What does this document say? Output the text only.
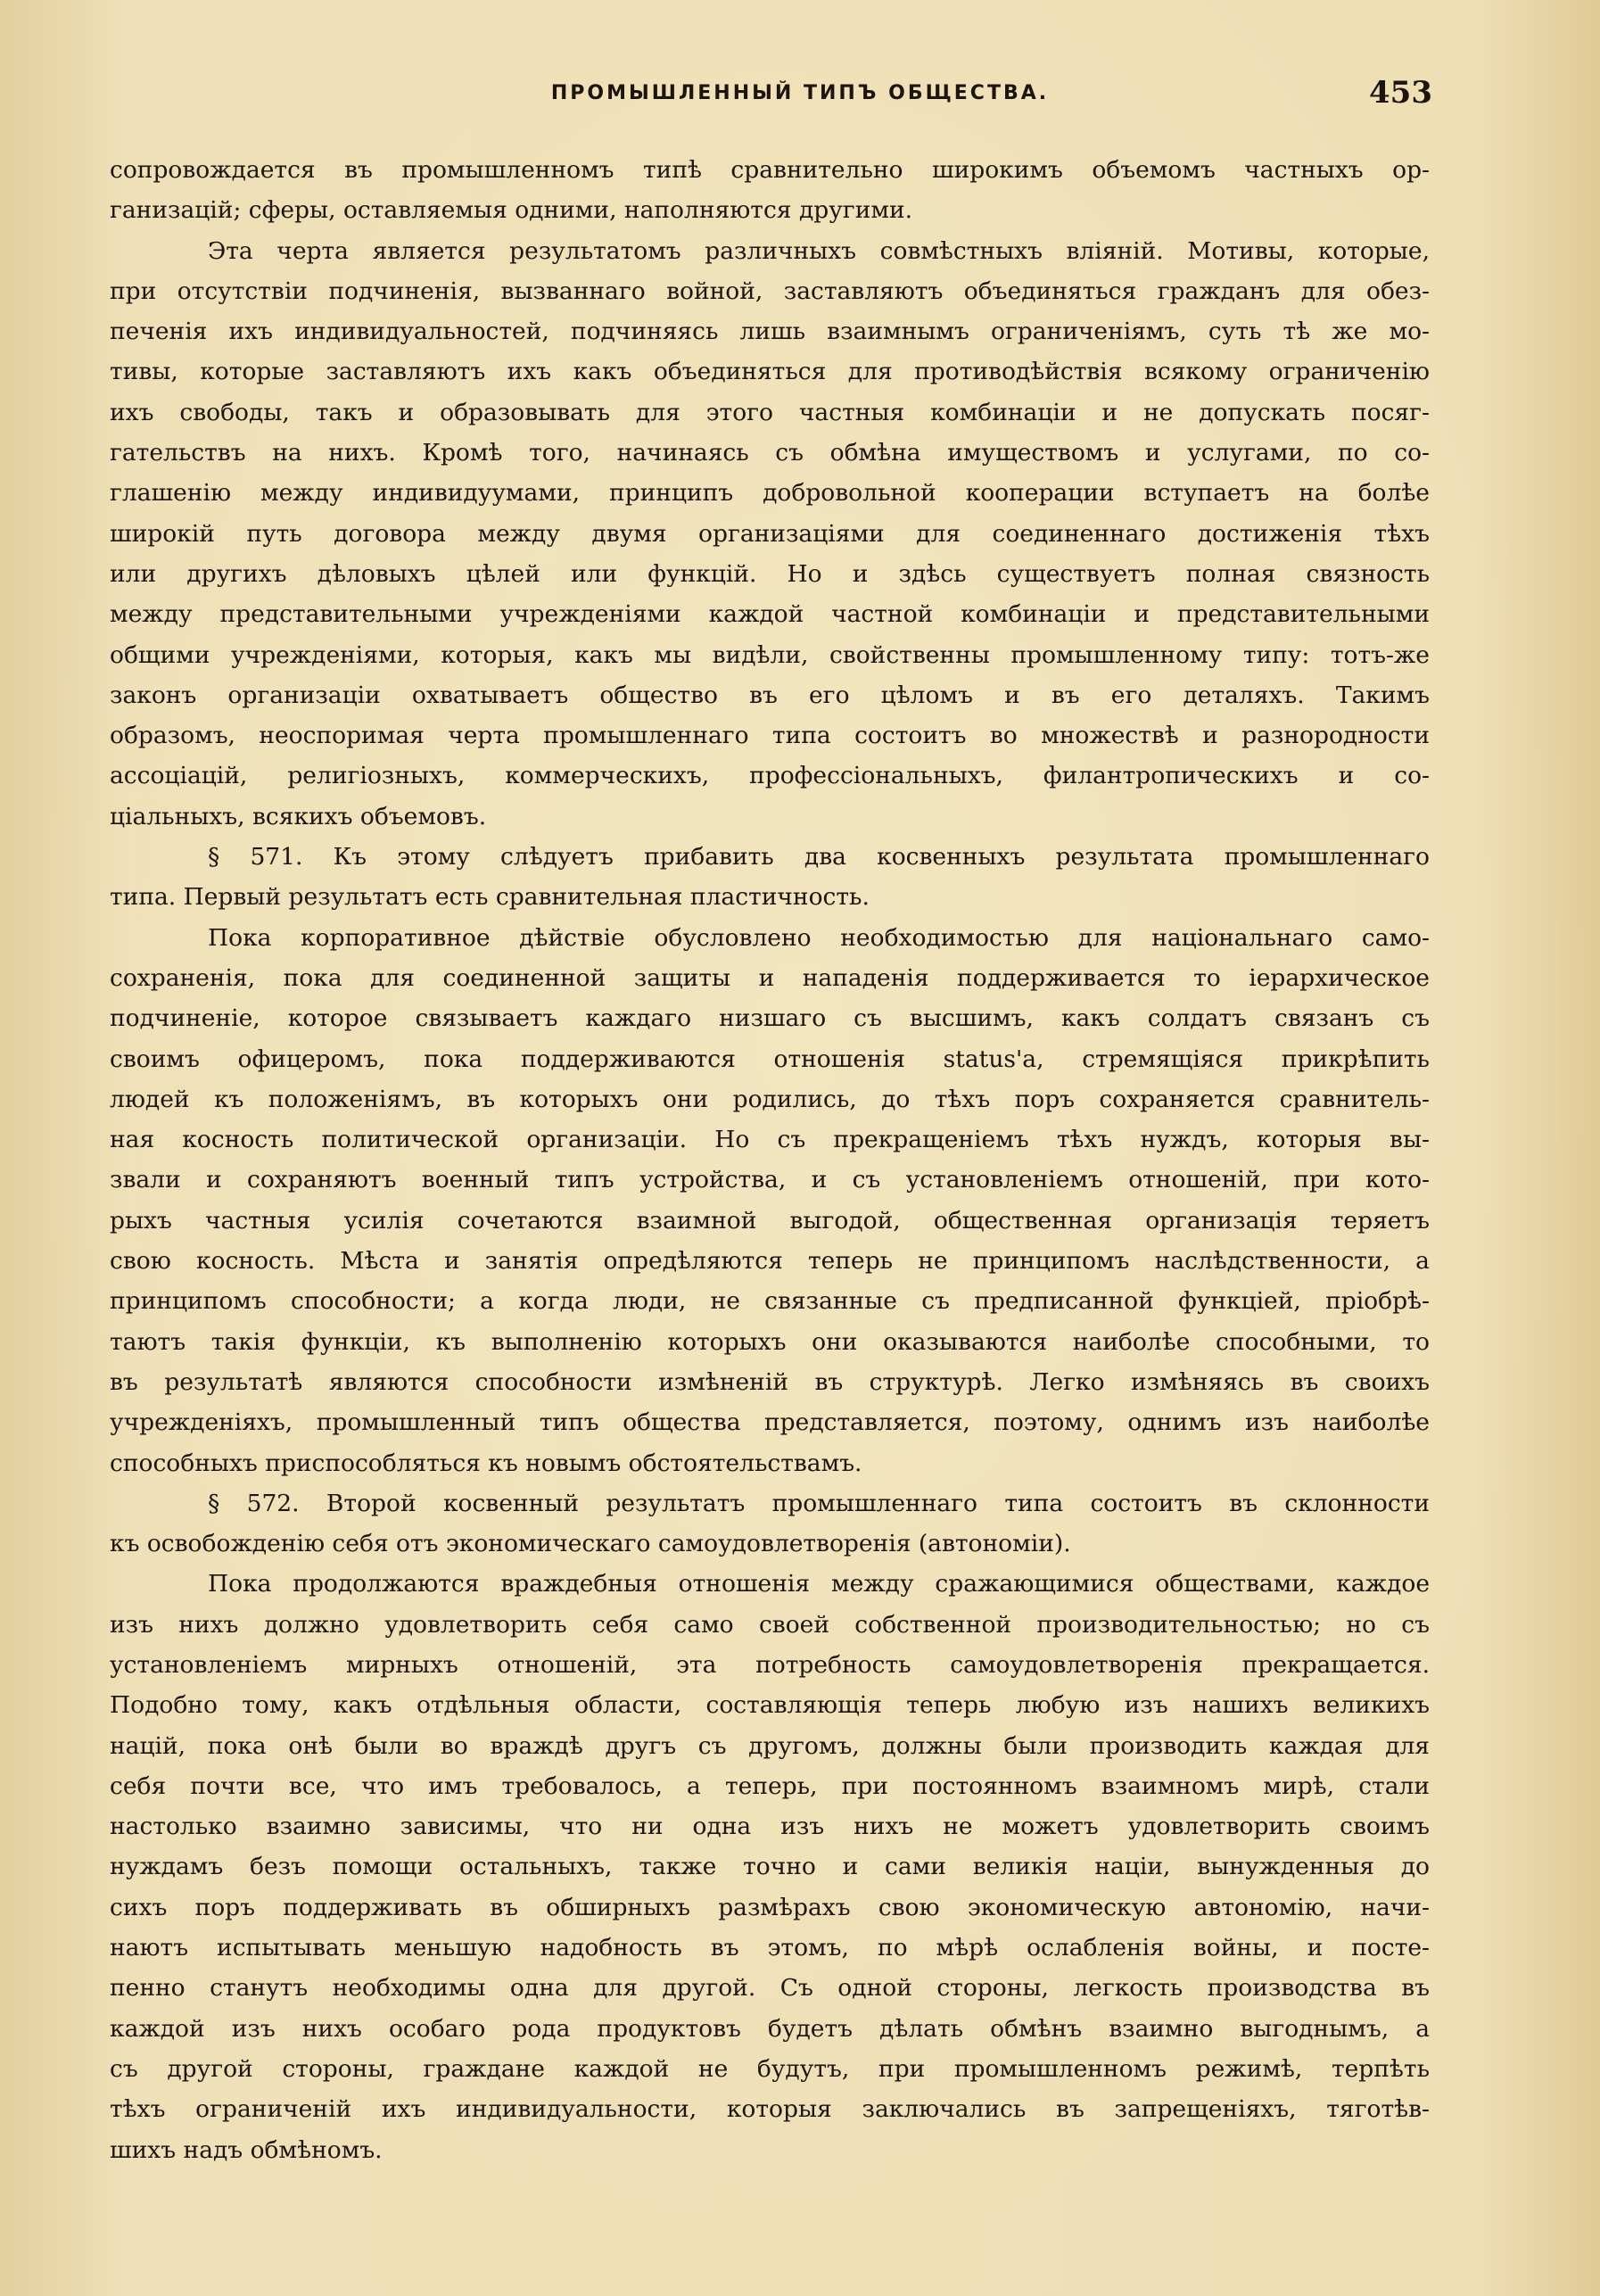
ПРОМЫШЛЕННЫЙ ТИПЪ ОБЩЕСТВА.	453
сопровождается въ промышленномъ типѣ сравнительно широкимъ объемомъ частныхъ ор-
ганизацій; сферы, оставляемыя одними, наполняются другими.
Эта черта является результатомъ различныхъ совмѣстныхъ вліяній. Мотивы, которые,
при отсутствіи подчиненія, вызваннаго войной, заставляютъ объединяться граждaнъ для обез-
печенія ихъ индивидуальностей, подчиняясь лишь взаимнымъ ограниченіямъ, суть тѣ же мо-
тивы, которые заставляютъ ихъ какъ объединяться для противодѣйствія всякому ограниченію
ихъ свободы, такъ и образовывать для этого частныя комбинаціи и не допускать посяг-
гательствъ на нихъ. Кромѣ того, начинаясь съ обмѣна имуществомъ и услугами, по со-
глашенію между индивидуумами, принципъ добровольной кооперации вступаетъ на болѣе
широкій путь договора между двумя организаціями для соединеннаго достиженія тѣхъ
или другихъ дѣловыхъ цѣлей или функцій. Но и здѣсь существуетъ полная связность
между представительными учрежденіями каждой частной комбинаціи и представительными
общими учрежденіями, которыя, какъ мы видѣли, свойственны промышленному типу: тотъ-же
законъ организаціи охватываетъ общество въ его цѣломъ и въ его деталяхъ. Такимъ
образомъ, неоспоримая черта промышленнаго типа состоитъ во множествѣ и разнородности
ассоціацій, религіозныхъ, коммерческихъ, профессіональныхъ, филантропическихъ и со-
ціальныхъ, всякихъ объемовъ.
§ 571. Къ этому слѣдуетъ прибавить два косвенныхъ результата промышленнаго
типа. Первый результатъ есть сравнительная пластичность.
Пока корпоративное дѣйствіе обусловлено необходимостью для національнаго само-
сохраненія, пока для соединенной защиты и нападенія поддерживается то іерархическое
подчиненіе, которое связываетъ каждаго низшаго съ высшимъ, какъ солдатъ связанъ съ
своимъ офицеромъ, пока поддерживаются отношенія status'а, стремящіяся прикрѣпить
людей къ положеніямъ, въ которыхъ они родились, до тѣхъ поръ сохраняется сравнитель-
ная косность политической организаціи. Но съ прекращеніемъ тѣхъ нуждъ, которыя вы-
звали и сохраняютъ военный типъ устройства, и съ установленіемъ отношеній, при кото-
рыхъ частныя усилія сочетаются взаимной выгодой, общественная организація теряетъ
свою косность. Мѣста и занятія опредѣляются теперь не принципомъ наслѣдственности, а
принципомъ способности; а когда люди, не связанные съ предписанной функціей, пріобрѣ-
таютъ такія функціи, къ выполненію которыхъ они оказываются наиболѣе способными, то
въ результатѣ являются способности измѣненій въ структурѣ. Легко измѣняясь въ своихъ
учрежденіяхъ, промышленный типъ общества представляется, поэтому, однимъ изъ наиболѣе
способныхъ приспособляться къ новымъ обстоятельствамъ.
§ 572. Второй косвенный результатъ промышленнаго типа состоитъ въ склонности
къ освобожденію себя отъ экономическаго самоудовлетворенія (автономіи).
Пока продолжаются враждебныя отношенія между сражающимися обществами, каждое
изъ нихъ должно удовлетворить себя само своей собственной производительностью; но съ
установленіемъ мирныхъ отношеній, эта потребность самоудовлетворенія прекращается.
Подобно тому, какъ отдѣльныя области, составляющія теперь любую изъ нашихъ великихъ
націй, пока онѣ были во враждѣ другъ съ другомъ, должны были производить каждая для
себя почти все, что имъ требовалось, а теперь, при постоянномъ взаимномъ мирѣ, стали
настолько взаимно зависимы, что ни одна изъ нихъ не можетъ удовлетворить своимъ
нуждамъ безъ помощи остальныхъ, также точно и сами великія націи, вынужденныя до
сихъ поръ поддерживать въ обширныхъ размѣрахъ свою экономическую автономію, начи-
наютъ испытывать меньшую надобность въ этомъ, по мѣрѣ ослабленія войны, и посте-
пенно станутъ необходимы одна для другой. Съ одной стороны, легкость производства въ
каждой изъ нихъ особаго рода продуктовъ будетъ дѣлать обмѣнъ взаимно выгоднымъ, а
съ другой стороны, граждане каждой не будутъ, при промышленномъ режимѣ, терпѣть
тѣхъ ограниченій ихъ индивидуальности, которыя заключались въ запрещеніяхъ, тяготѣв-
шихъ надъ обмѣномъ.
